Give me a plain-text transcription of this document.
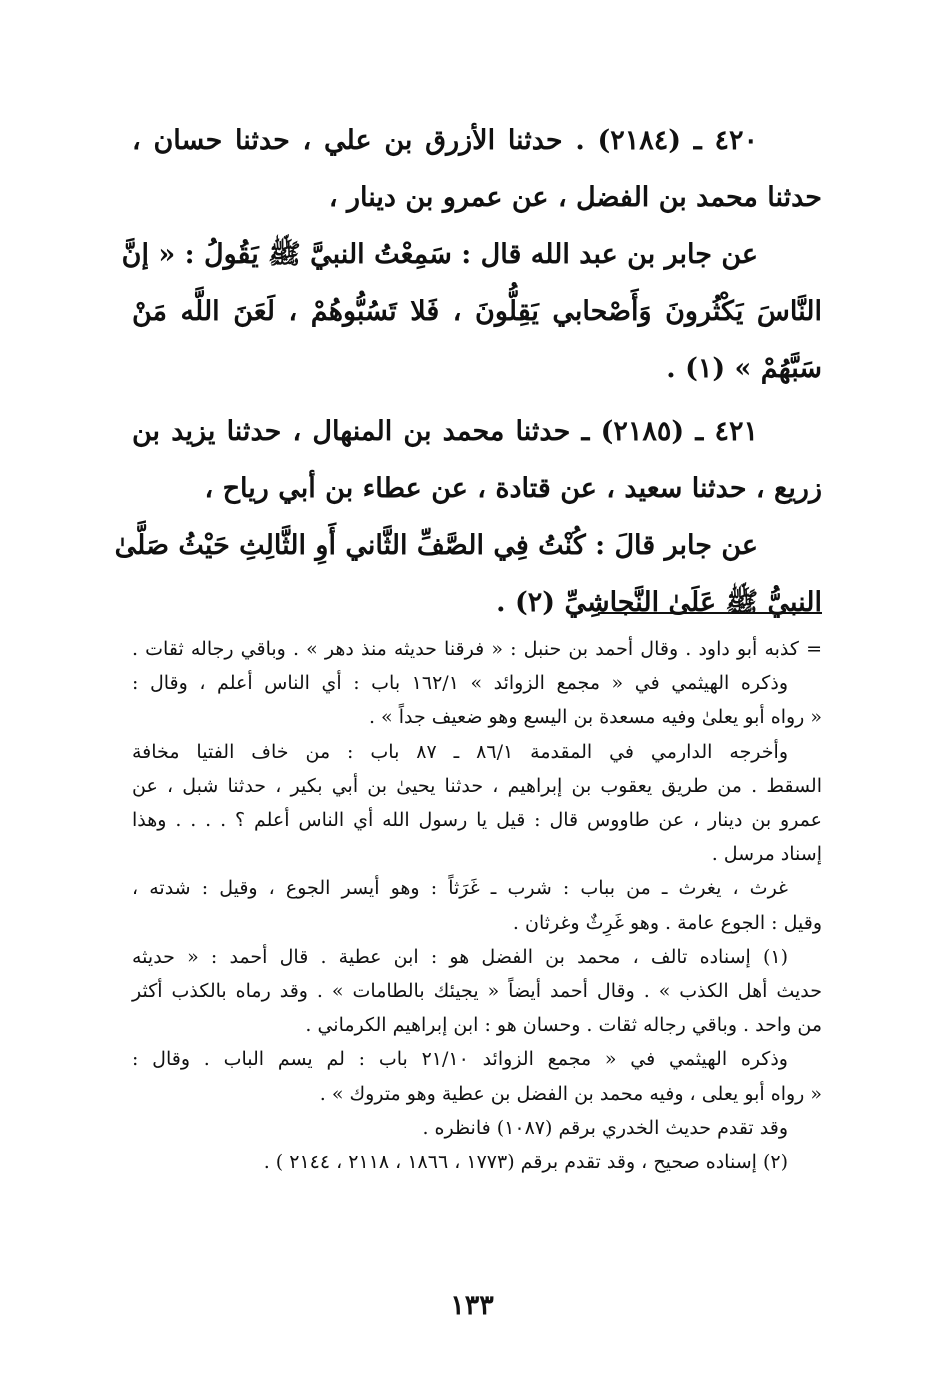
٤٢٠ ـ (٢١٨٤) . حدثنا الأزرق بن علي ، حدثنا حسان ،
حدثنا محمد بن الفضل ، عن عمرو بن دينار ،
عن جابر بن عبد الله قال : سَمِعْتُ النبيَّ ﷺ يَقُولُ : « إنَّ
النَّاسَ يَكْثُرونَ وَأَصْحابي يَقِلُّونَ ، فَلا تَسُبُّوهُمْ ، لَعَنَ اللَّه مَنْ
سَبَّهُمْ » (١) .
٤٢١ ـ (٢١٨٥) ـ حدثنا محمد بن المنهال ، حدثنا يزيد بن
زريع ، حدثنا سعيد ، عن قتادة ، عن عطاء بن أبي رياح ،
عن جابر قالَ : كُنْتُ فِي الصَّفِّ الثَّاني أَوِ الثَّالِثِ حَيْثُ صَلَّىٰ
النبيُّ ﷺ عَلَىٰ النَّجاشِيِّ (٢) .
= كذبه أبو داود . وقال أحمد بن حنبل : « فرقنا حديثه منذ دهر » . وباقي رجاله ثقات .
وذكره الهيثمي في « مجمع الزوائد » ١٦٢/١ باب : أي الناس أعلم ، وقال :
« رواه أبو يعلىٰ وفيه مسعدة بن اليسع وهو ضعيف جداً » .
وأخرجه الدارمي في المقدمة ٨٦/١ ـ ٨٧ باب : من خاف الفتيا مخافة
السقط . من طريق يعقوب بن إبراهيم ، حدثنا يحيىٰ بن أبي بكير ، حدثنا شبل ، عن
عمرو بن دينار ، عن طاووس قال : قيل يا رسول الله أي الناس أعلم ؟ . . . . وهذا
إسناد مرسل .
غرث ، يغرث ـ من بباب : شرب ـ غَرَثاً : وهو أيسر الجوع ، وقيل : شدته ،
وقيل : الجوع عامة . وهو غَرِثٌ وغرثان .
(١) إسناده تالف ، محمد بن الفضل هو : ابن عطية . قال أحمد : « حديثه
حديث أهل الكذب » . وقال أحمد أيضاً « يجيئك بالطامات » . وقد رماه بالكذب أكثر
من واحد . وباقي رجاله ثقات . وحسان هو : ابن إبراهيم الكرماني .
وذكره الهيثمي في « مجمع الزوائد ٢١/١٠ باب : لم يسم الباب . وقال :
« رواه أبو يعلى ، وفيه محمد بن الفضل بن عطية وهو متروك » .
وقد تقدم حديث الخدري برقم (١٠٨٧) فانظره .
(٢) إسناده صحيح ، وقد تقدم برقم (١٧٧٣ ، ١٨٦٦ ، ٢١١٨ ، ٢١٤٤ ) .
١٣٣
